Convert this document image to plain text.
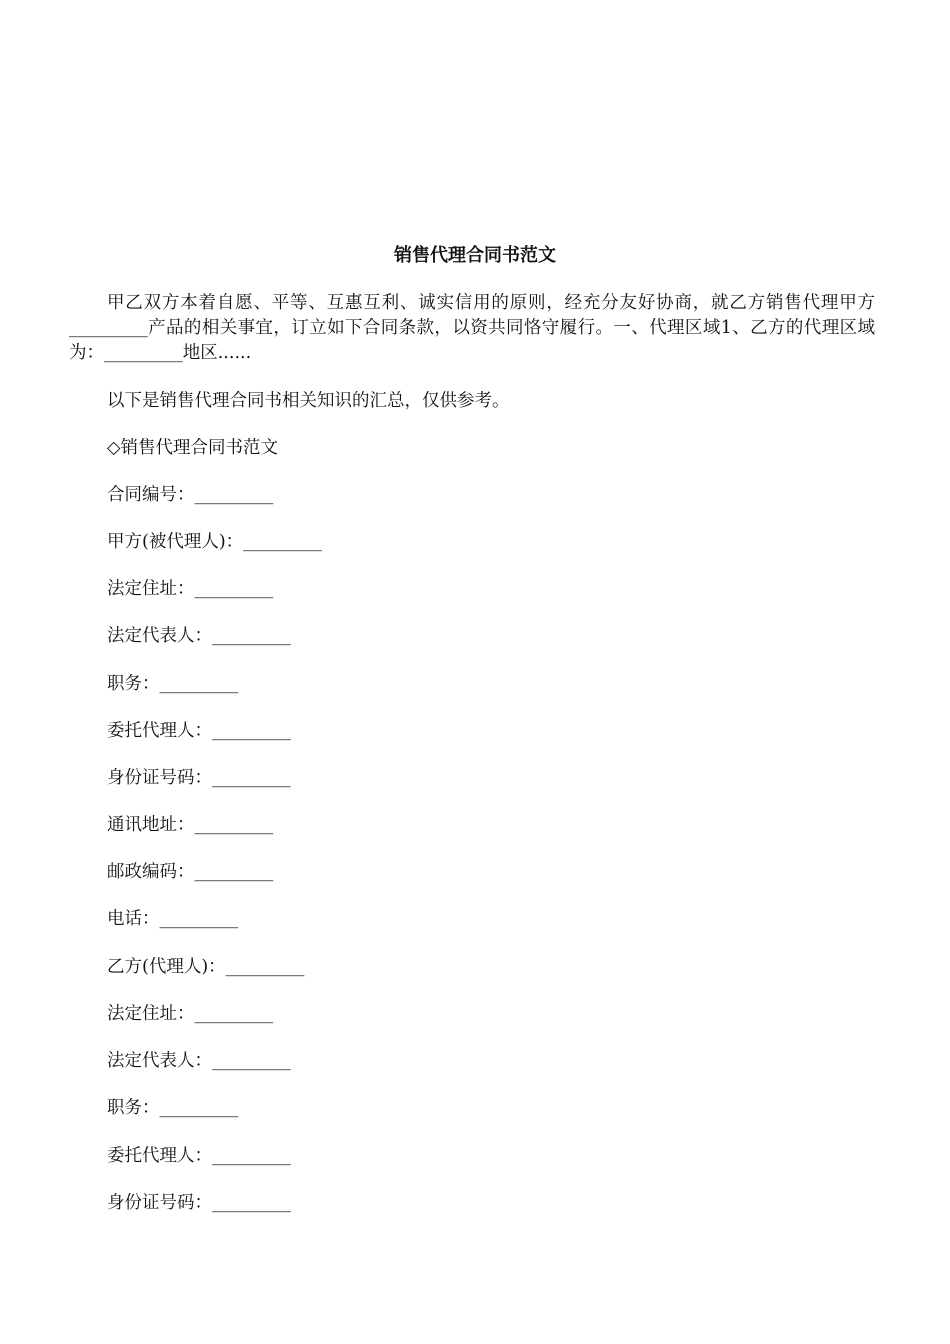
销售代理合同书范文

甲乙双方本着自愿、平等、互惠互利、诚实信用的原则，经充分友好协商，就乙方销售代理甲方_________产品的相关事宜，订立如下合同条款，以资共同恪守履行。一、代理区域1、乙方的代理区域为：_________地区......

以下是销售代理合同书相关知识的汇总，仅供参考。

◇销售代理合同书范文

合同编号：_________

甲方(被代理人)：_________

法定住址：_________

法定代表人：_________

职务：_________

委托代理人：_________

身份证号码：_________

通讯地址：_________

邮政编码：_________

电话：_________

乙方(代理人)：_________

法定住址：_________

法定代表人：_________

职务：_________

委托代理人：_________

身份证号码：_________
